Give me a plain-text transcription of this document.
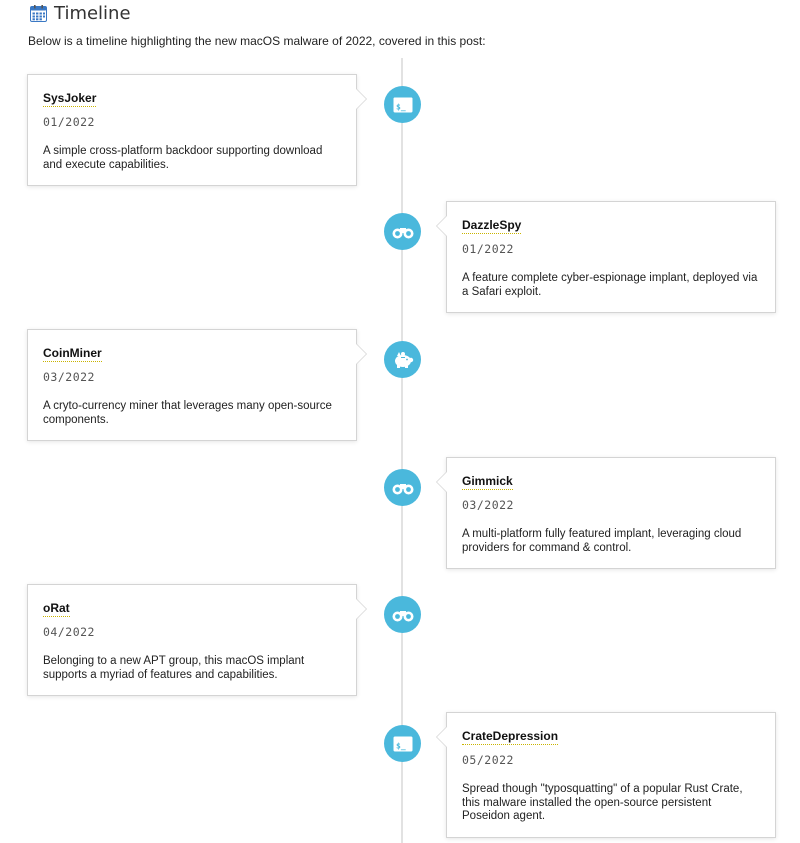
Timeline

Below is a timeline highlighting the new macOS malware of 2022, covered in this post:

SysJoker
01/2022
A simple cross-platform backdoor supporting download and execute capabilities.
$_
DazzleSpy
01/2022
A feature complete cyber-espionage implant, deployed via a Safari exploit.
CoinMiner
03/2022
A cryto-currency miner that leverages many open-source components.
Gimmick
03/2022
A multi-platform fully featured implant, leveraging cloud providers for command & control.
oRat
04/2022
Belonging to a new APT group, this macOS implant supports a myriad of features and capabilities.
CrateDepression
05/2022
Spread though "typosquatting" of a popular Rust Crate, this malware installed the open-source persistent Poseidon agent.
$_
